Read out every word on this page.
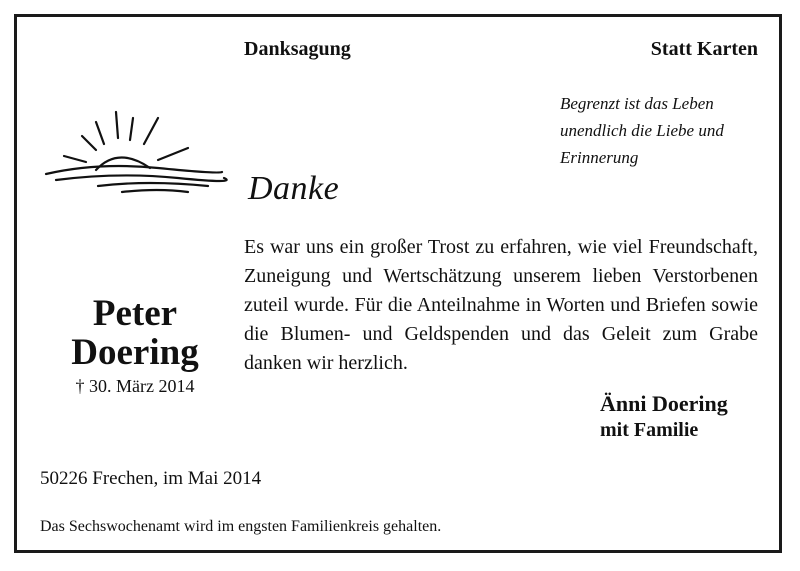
Danksagung	Statt Karten
Begrenzt ist das Leben
unendlich die Liebe und
Erinnerung
Danke

Es war uns ein großer Trost zu erfahren, wie viel Freundschaft, Zuneigung und Wertschätzung unserem lieben Verstorbenen zuteil wurde. Für die Anteilnahme in Worten und Briefen sowie die Blumen- und Geldspenden und das Geleit zum Grabe danken wir herzlich.

Peter
Doering
† 30. März 2014
Änni Doering
mit Familie
50226 Frechen, im Mai 2014
Das Sechswochenamt wird im engsten Familienkreis gehalten.
